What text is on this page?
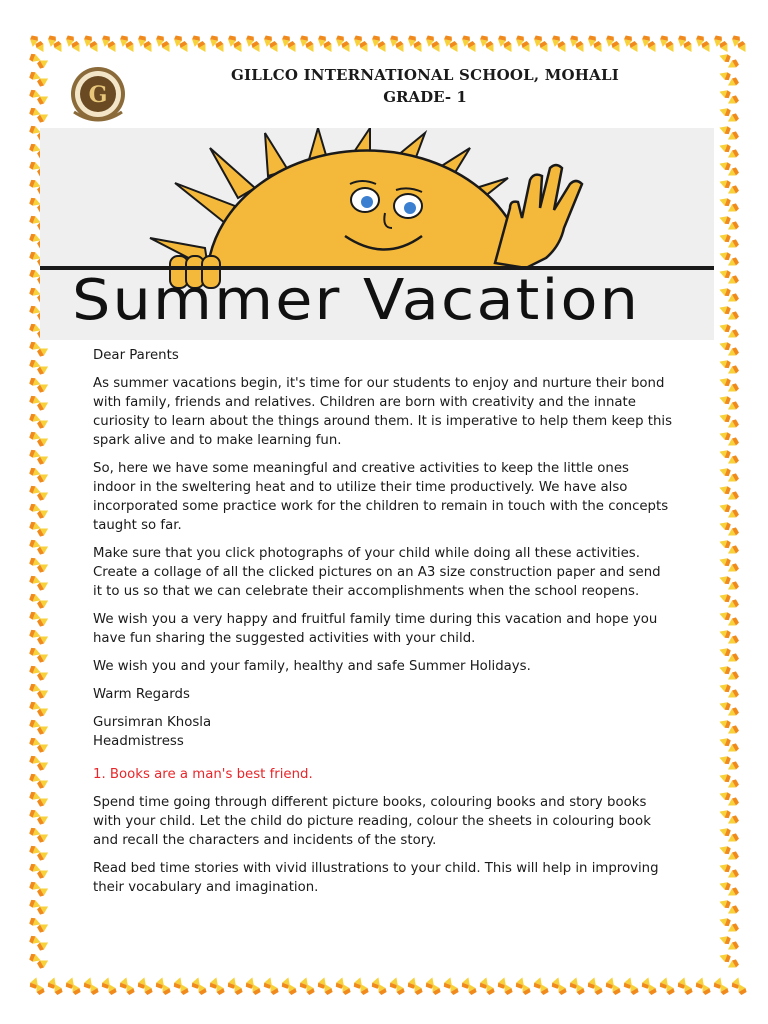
G
GILLCO INTERNATIONAL SCHOOL, MOHALI
GRADE- 1
Summer Vacation

Dear Parents

As summer vacations begin, it's time for our students to enjoy and nurture their bond with family, friends and relatives. Children are born with creativity and the innate curiosity to learn about the things around them. It is imperative to help them keep this spark alive and to make learning fun.

So, here we have some meaningful and creative activities to keep the little ones indoor in the sweltering heat and to utilize their time productively. We have also incorporated some practice work for the children to remain in touch with the concepts taught so far.

Make sure that you click photographs of your child while doing all these activities. Create a collage of all the clicked pictures on an A3 size construction paper and send it to us so that we can celebrate their accomplishments when the school reopens.

We wish you a very happy and fruitful family time during this vacation and hope you have fun sharing the suggested activities with your child.

We wish you and your family, healthy and safe Summer Holidays.

Warm Regards

Gursimran Khosla

Headmistress

1. Books are a man's best friend.

Spend time going through different picture books, colouring books and story books with your child. Let the child do picture reading, colour the sheets in colouring book and recall the characters and incidents of the story.

Read bed time stories with vivid illustrations to your child. This will help in improving their vocabulary and imagination.
